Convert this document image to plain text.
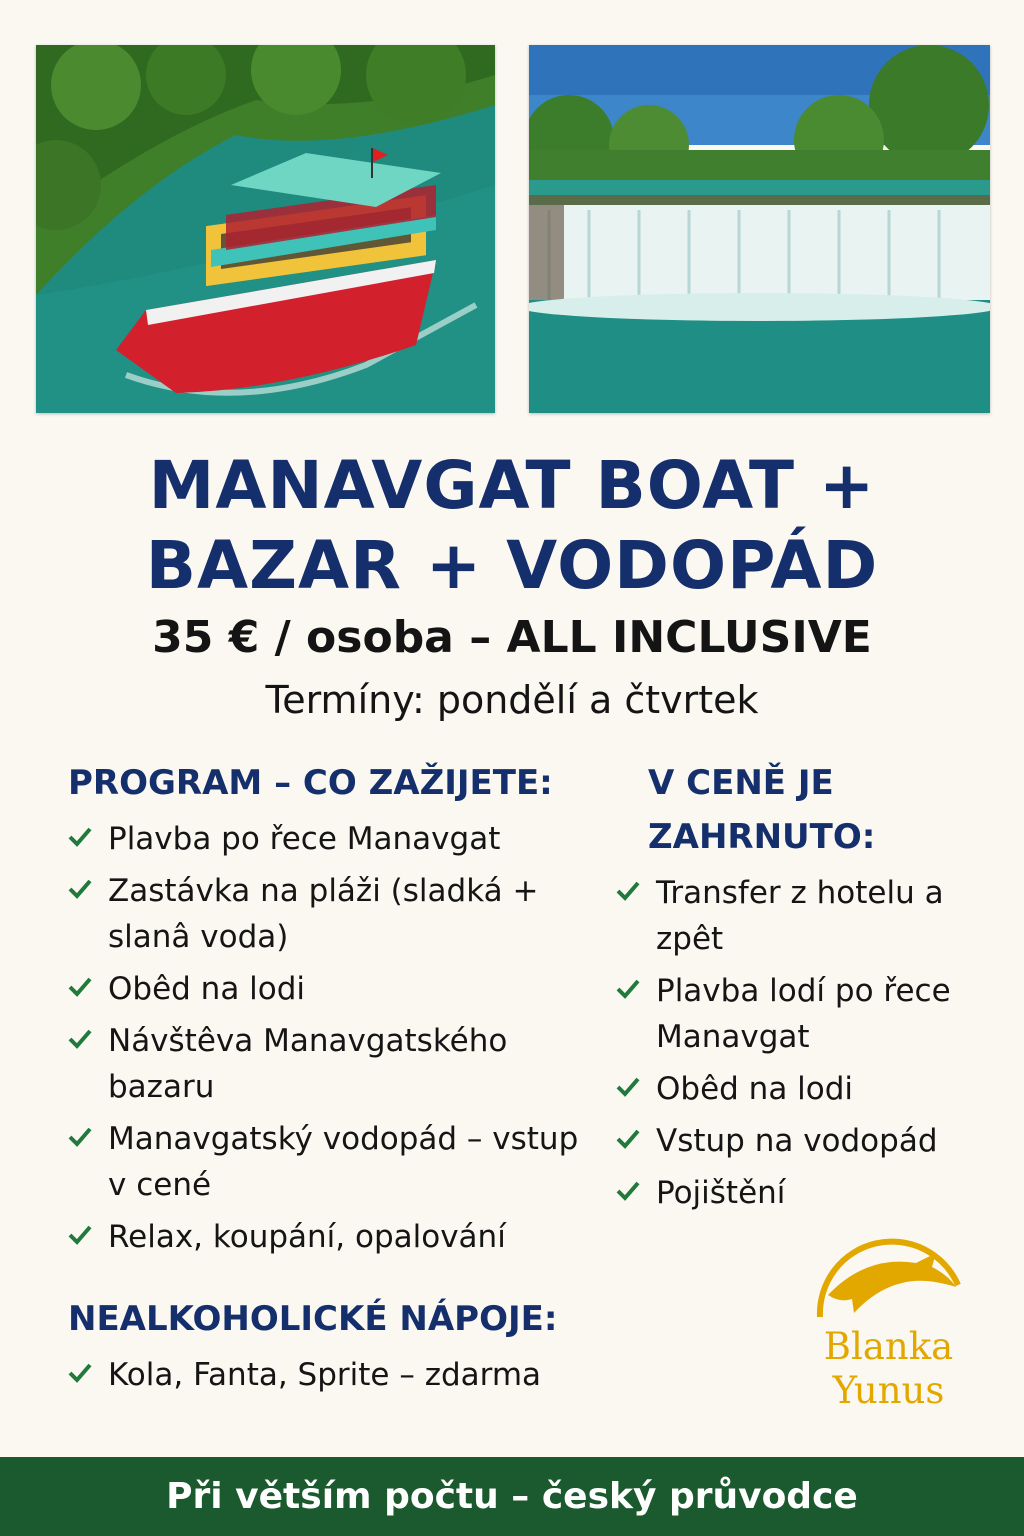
MANAVGAT BOAT +
BAZAR + VODOPÁD
35 € / osoba – ALL INCLUSIVE
Termíny: pondělí a čtvrtek
PROGRAM – CO ZAŽIJETE:
Plavba po řece Manavgat
Zastávka na pláži (sladká + slanâ voda)
Obêd na lodi
Návštêva Manavgatského bazaru
Manavgatský vodopád – vstup v cené
Relax, koupání, opalování
NEALKOHOLICKÉ NÁPOJE:
Kola, Fanta, Sprite – zdarma
V CENĚ JE ZAHRNUTO:
Transfer z hotelu a zpêt
Plavba lodí po řece Manavgat
Obêd na lodi
Vstup na vodopád
Pojištění
Blanka
Yunus
Při větším počtu – český průvodce
